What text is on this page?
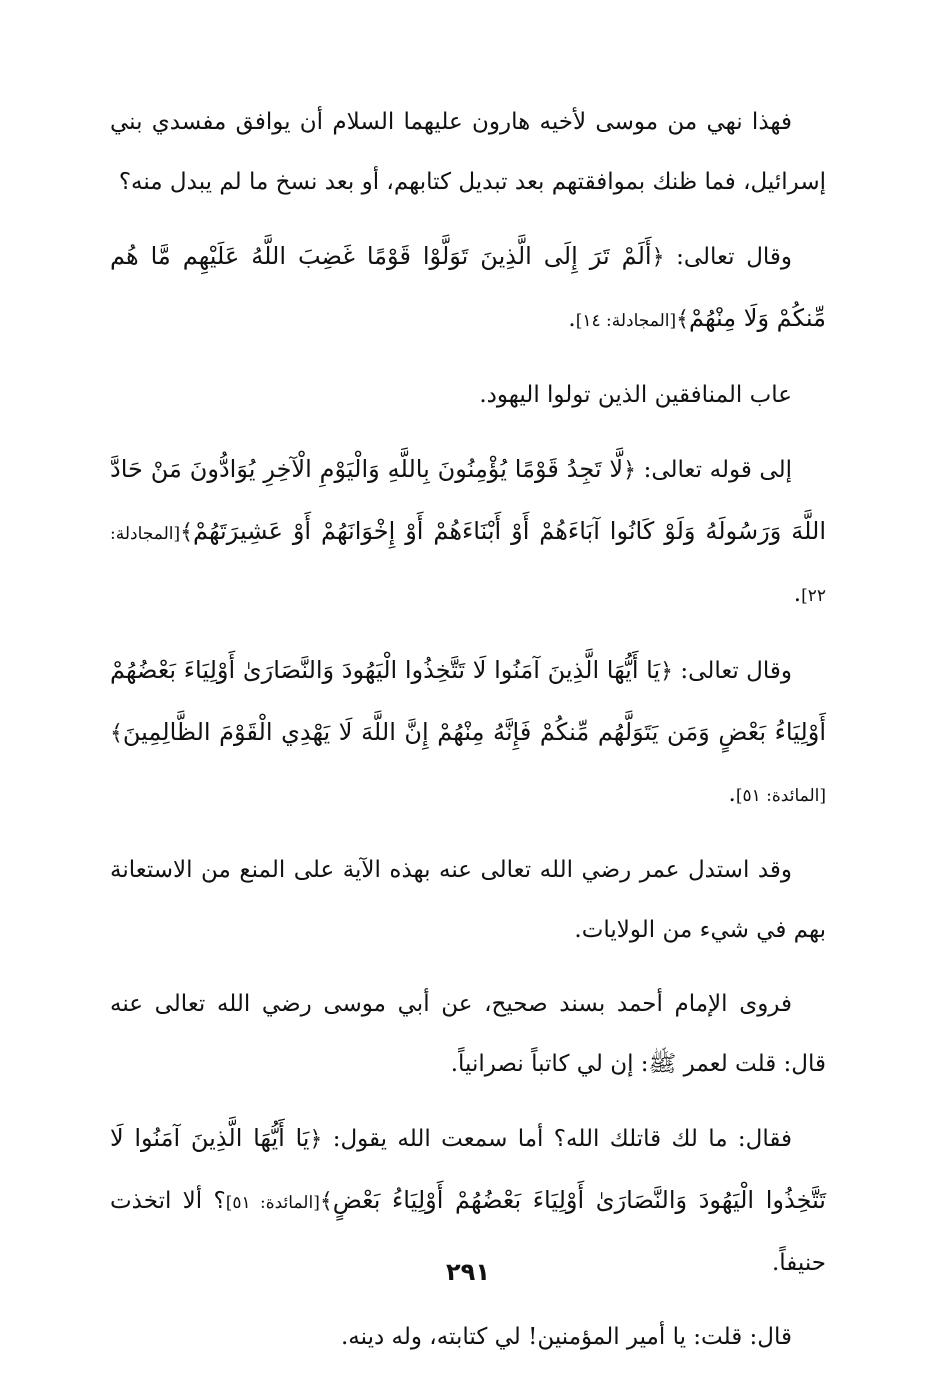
فهذا نهي من موسى لأخيه هارون عليهما السلام أن يوافق مفسدي بني إسرائيل، فما ظنك بموافقتهم بعد تبديل كتابهم، أو بعد نسخ ما لم يبدل منه؟

وقال تعالى: ﴿أَلَمْ تَرَ إِلَى الَّذِينَ تَوَلَّوْا قَوْمًا غَضِبَ اللَّهُ عَلَيْهِم مَّا هُم مِّنكُمْ وَلَا مِنْهُمْ﴾[المجادلة: ١٤].

عاب المنافقين الذين تولوا اليهود.

إلى قوله تعالى: ﴿لَّا تَجِدُ قَوْمًا يُؤْمِنُونَ بِاللَّهِ وَالْيَوْمِ الْآخِرِ يُوَادُّونَ مَنْ حَادَّ اللَّهَ وَرَسُولَهُ وَلَوْ كَانُوا آبَاءَهُمْ أَوْ أَبْنَاءَهُمْ أَوْ إِخْوَانَهُمْ أَوْ عَشِيرَتَهُمْ﴾[المجادلة: ٢٢].

وقال تعالى: ﴿يَا أَيُّهَا الَّذِينَ آمَنُوا لَا تَتَّخِذُوا الْيَهُودَ وَالنَّصَارَىٰ أَوْلِيَاءَ بَعْضُهُمْ أَوْلِيَاءُ بَعْضٍ وَمَن يَتَوَلَّهُم مِّنكُمْ فَإِنَّهُ مِنْهُمْ إِنَّ اللَّهَ لَا يَهْدِي الْقَوْمَ الظَّالِمِينَ﴾[المائدة: ٥١].

وقد استدل عمر رضي الله تعالى عنه بهذه الآية على المنع من الاستعانة بهم في شيء من الولايات.

فروى الإمام أحمد بسند صحيح، عن أبي موسى رضي الله تعالى عنه قال: قلت لعمر ﷺ: إن لي كاتباً نصرانياً.

فقال: ما لك قاتلك الله؟ أما سمعت الله يقول: ﴿يَا أَيُّهَا الَّذِينَ آمَنُوا لَا تَتَّخِذُوا الْيَهُودَ وَالنَّصَارَىٰ أَوْلِيَاءَ بَعْضُهُمْ أَوْلِيَاءُ بَعْضٍ﴾[المائدة: ٥١]؟ ألا اتخذت حنيفاً.

قال: قلت: يا أمير المؤمنين! لي كتابته، وله دينه.

٢٩١
